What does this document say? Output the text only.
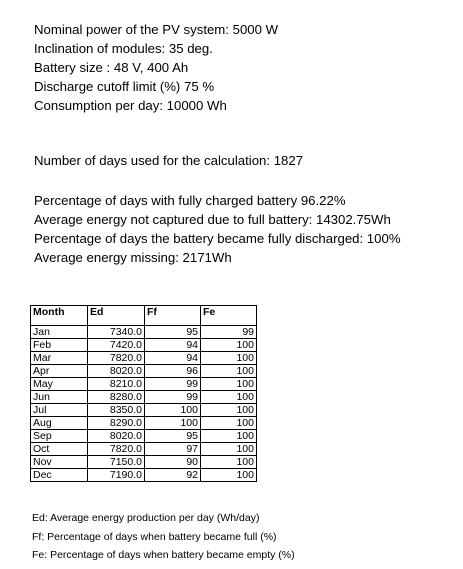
Nominal power of the PV system: 5000 W
Inclination of modules: 35 deg.
Battery size : 48 V, 400 Ah
Discharge cutoff limit (%) 75 %
Consumption per day: 10000 Wh
Number of days used for the calculation: 1827
Percentage of days with fully charged battery 96.22%
Average energy not captured due to full battery: 14302.75Wh
Percentage of days the battery became fully discharged: 100%
Average energy missing: 2171Wh
Month	Ed	Ff	Fe
Jan	7340.0	95	99
Feb	7420.0	94	100
Mar	7820.0	94	100
Apr	8020.0	96	100
May	8210.0	99	100
Jun	8280.0	99	100
Jul	8350.0	100	100
Aug	8290.0	100	100
Sep	8020.0	95	100
Oct	7820.0	97	100
Nov	7150.0	90	100
Dec	7190.0	92	100
Ed: Average energy production per day (Wh/day)
Ff: Percentage of days when battery became full (%)
Fe: Percentage of days when battery became empty (%)
